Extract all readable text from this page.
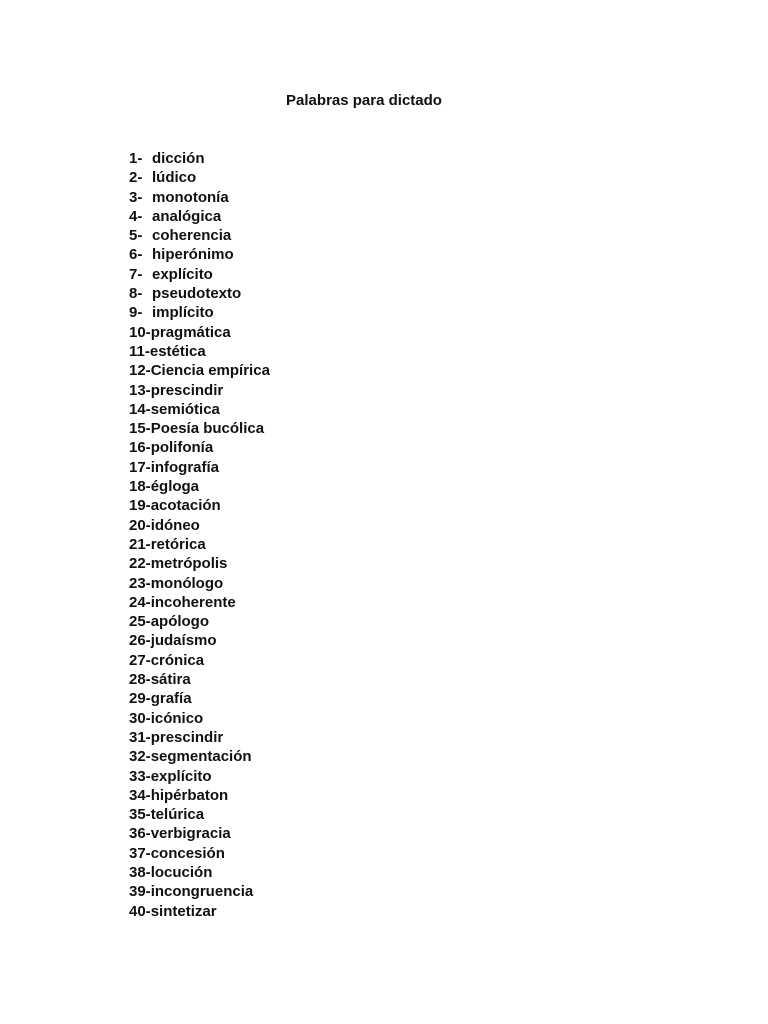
Palabras para dictado
1- dicción
2- lúdico
3- monotonía
4- analógica
5- coherencia
6- hiperónimo
7- explícito
8- pseudotexto
9- implícito
10- pragmática
11- estética
12- Ciencia empírica
13- prescindir
14- semiótica
15- Poesía bucólica
16- polifonía
17- infografía
18- égloga
19- acotación
20- idóneo
21- retórica
22- metrópolis
23- monólogo
24- incoherente
25- apólogo
26- judaísmo
27- crónica
28- sátira
29- grafía
30- icónico
31- prescindir
32- segmentación
33- explícito
34- hipérbaton
35- telúrica
36- verbigracia
37- concesión
38- locución
39- incongruencia
40- sintetizar
